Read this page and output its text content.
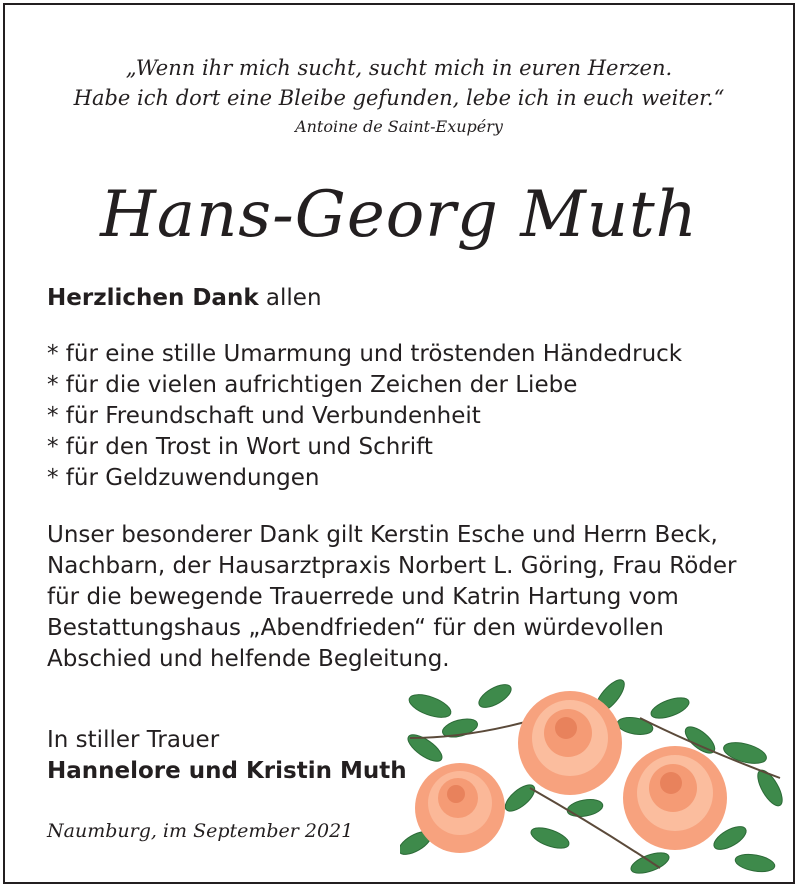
„Wenn ihr mich sucht, sucht mich in euren Herzen.
Habe ich dort eine Bleibe gefunden, lebe ich in euch weiter.“
Antoine de Saint-Exupéry
Hans-Georg Muth
Herzlichen Dank allen
* für eine stille Umarmung und tröstenden Händedruck
* für die vielen aufrichtigen Zeichen der Liebe
* für Freundschaft und Verbundenheit
* für den Trost in Wort und Schrift
* für Geldzuwendungen
Unser besonderer Dank gilt Kerstin Esche und Herrn Beck,
Nachbarn, der Hausarztpraxis Norbert L. Göring, Frau Röder
für die bewegende Trauerrede und Katrin Hartung vom
Bestattungshaus „Abendfrieden“ für den würdevollen
Abschied und helfende Begleitung.
In stiller Trauer
Hannelore und Kristin Muth
Naumburg, im September 2021
